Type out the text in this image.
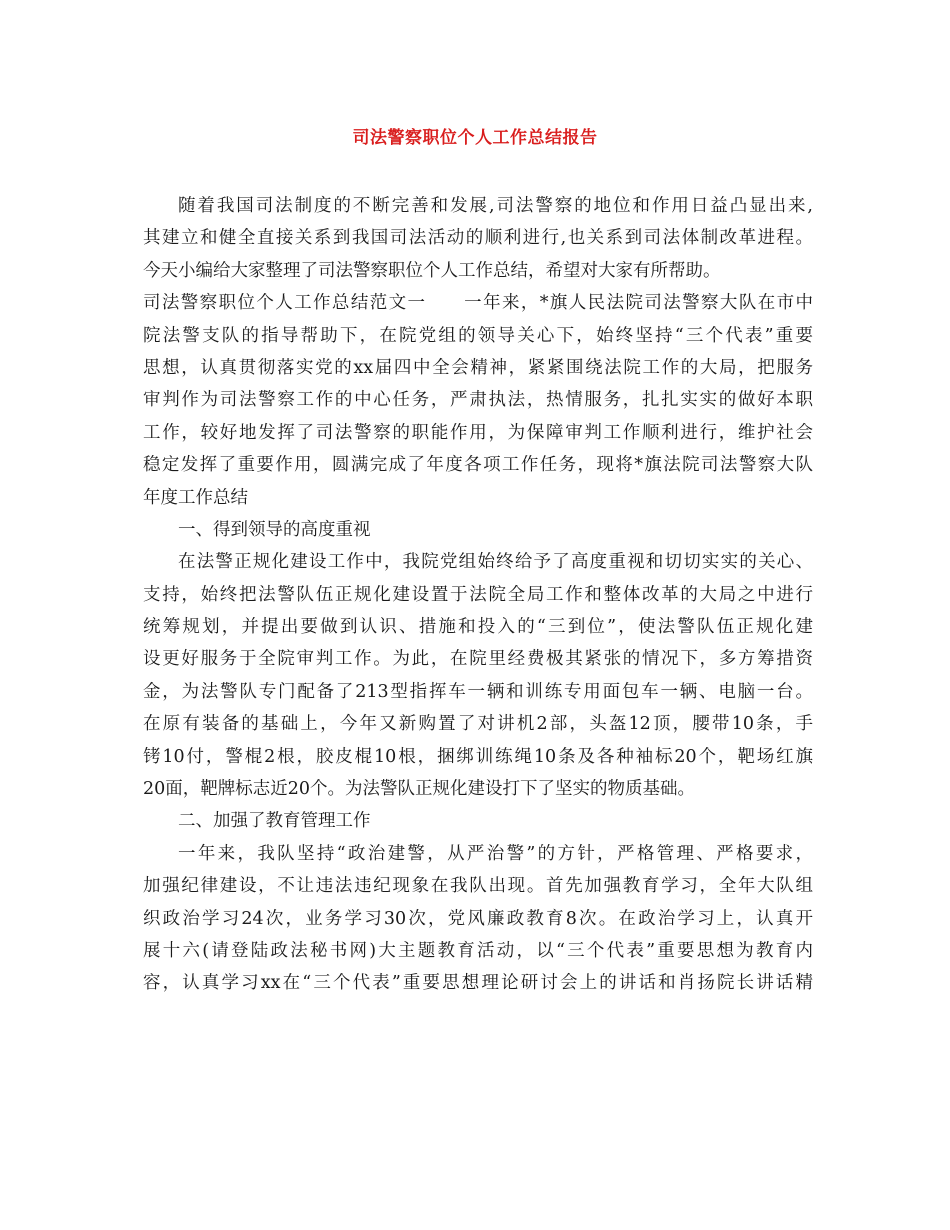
司法警察职位个人工作总结报告
随着我国司法制度的不断完善和发展,司法警察的地位和作用日益凸显出来,
其建立和健全直接关系到我国司法活动的顺利进行,也关系到司法体制改革进程。
今天小编给大家整理了司法警察职位个人工作总结，希望对大家有所帮助。
司法警察职位个人工作总结范文一　　一年来，*旗人民法院司法警察大队在市中
院法警支队的指导帮助下，在院党组的领导关心下，始终坚持“三个代表”重要
思想，认真贯彻落实党的xx届四中全会精神，紧紧围绕法院工作的大局，把服务
审判作为司法警察工作的中心任务，严肃执法，热情服务，扎扎实实的做好本职
工作，较好地发挥了司法警察的职能作用，为保障审判工作顺利进行，维护社会
稳定发挥了重要作用，圆满完成了年度各项工作任务，现将*旗法院司法警察大队
年度工作总结
一、得到领导的高度重视
在法警正规化建设工作中，我院党组始终给予了高度重视和切切实实的关心、
支持，始终把法警队伍正规化建设置于法院全局工作和整体改革的大局之中进行
统筹规划，并提出要做到认识、措施和投入的“三到位”，使法警队伍正规化建
设更好服务于全院审判工作。为此，在院里经费极其紧张的情况下，多方筹措资
金，为法警队专门配备了213型指挥车一辆和训练专用面包车一辆、电脑一台。
在原有装备的基础上，今年又新购置了对讲机2部，头盔12顶，腰带10条，手
铐10付，警棍2根，胶皮棍10根，捆绑训练绳10条及各种袖标20个，靶场红旗
20面，靶牌标志近20个。为法警队正规化建设打下了坚实的物质基础。
二、加强了教育管理工作
一年来，我队坚持“政治建警，从严治警”的方针，严格管理、严格要求，
加强纪律建设，不让违法违纪现象在我队出现。首先加强教育学习，全年大队组
织政治学习24次，业务学习30次，党风廉政教育8次。在政治学习上，认真开
展十六(请登陆政法秘书网)大主题教育活动，以“三个代表”重要思想为教育内
容，认真学习xx在“三个代表”重要思想理论研讨会上的讲话和肖扬院长讲话精
